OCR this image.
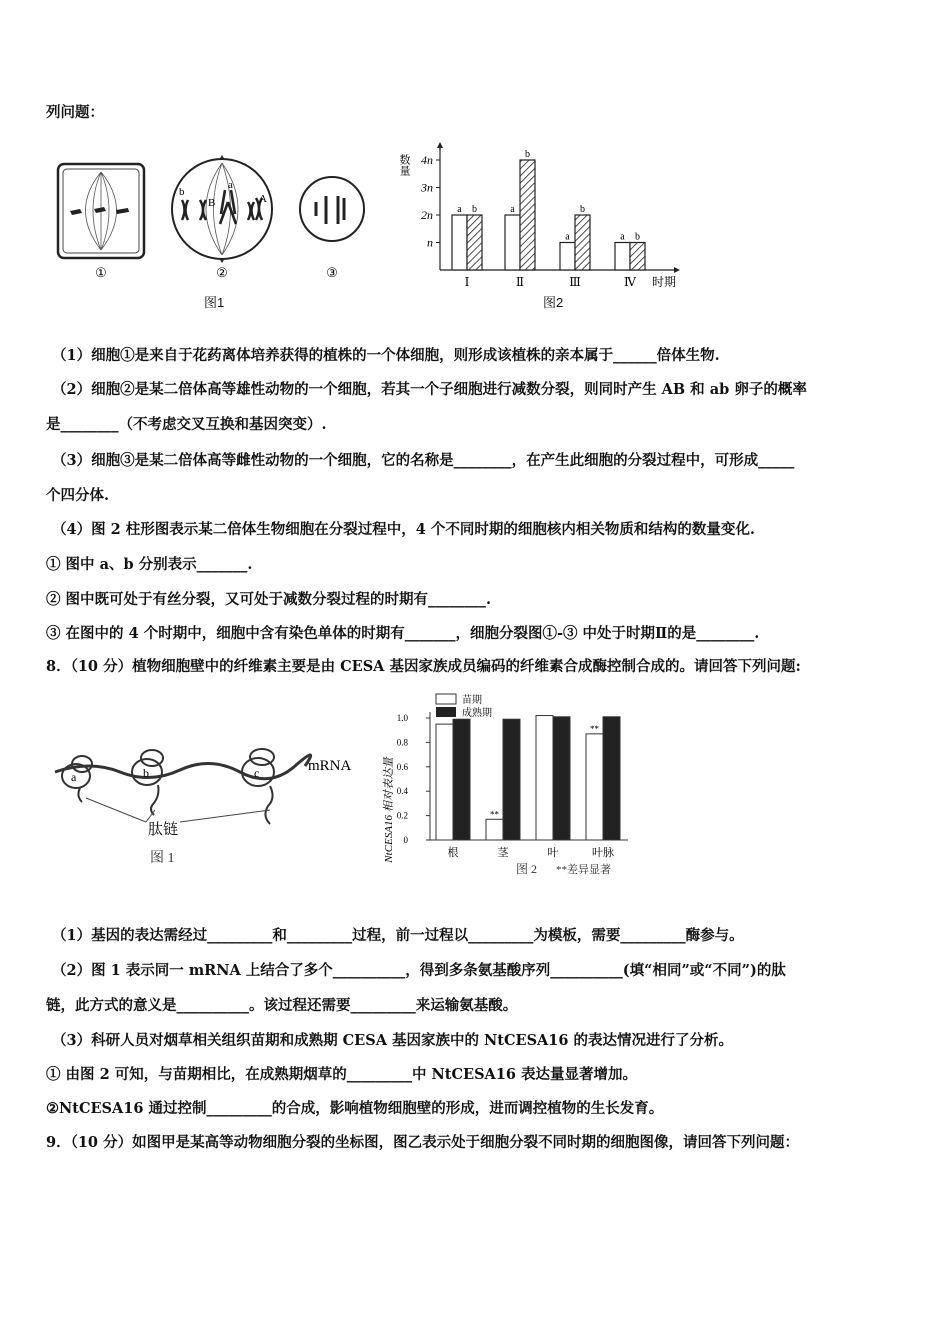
列问题：
①
b
B
a
A
②	③
图1
数量 4n
3n
2n
n
a b	a
b
a
b
a b
Ⅰ	Ⅱ	Ⅲ	Ⅳ 时期
图2
（1）细胞①是来自于花药离体培养获得的植株的一个体细胞，则形成该植株的亲本属于______倍体生物.
（2）细胞②是某二倍体高等雄性动物的一个细胞，若其一个子细胞进行减数分裂，则同时产生 AB 和 ab 卵子的概率
是________（不考虑交叉互换和基因突变）.
（3）细胞③是某二倍体高等雌性动物的一个细胞，它的名称是________，在产生此细胞的分裂过程中，可形成_____
个四分体.
（4）图 2 柱形图表示某二倍体生物细胞在分裂过程中，4 个不同时期的细胞核内相关物质和结构的数量变化.
① 图中 a、b 分别表示_______.
② 图中既可处于有丝分裂，又可处于减数分裂过程的时期有________.
③ 在图中的 4 个时期中，细胞中含有染色单体的时期有_______，细胞分裂图①-③ 中处于时期Ⅱ的是________.
8．（10 分）植物细胞壁中的纤维素主要是由 CESA 基因家族成员编码的纤维素合成酶控制合成的。请回答下列问题:
a	b	c	mRNA
肽链
图 1	NtCESA16 相对表达量
1.0
0.8
0.6
0.4
0.2
0
**
**
根	茎	叶	叶脉
苗期
成熟期
图 2 **差异显著
（1）基因的表达需经过_________和_________过程，前一过程以_________为模板，需要_________酶参与。
（2）图 1 表示同一 mRNA 上结合了多个__________，得到多条氨基酸序列__________(填“相同”或“不同”)的肽
链，此方式的意义是__________。该过程还需要_________来运输氨基酸。
（3）科研人员对烟草相关组织苗期和成熟期 CESA 基因家族中的 NtCESA16 的表达情况进行了分析。
① 由图 2 可知，与苗期相比，在成熟期烟草的_________中 NtCESA16 表达量显著增加。
②NtCESA16 通过控制_________的合成，影响植物细胞壁的形成，进而调控植物的生长发育。
9．（10 分）如图甲是某高等动物细胞分裂的坐标图，图乙表示处于细胞分裂不同时期的细胞图像，请回答下列问题：
